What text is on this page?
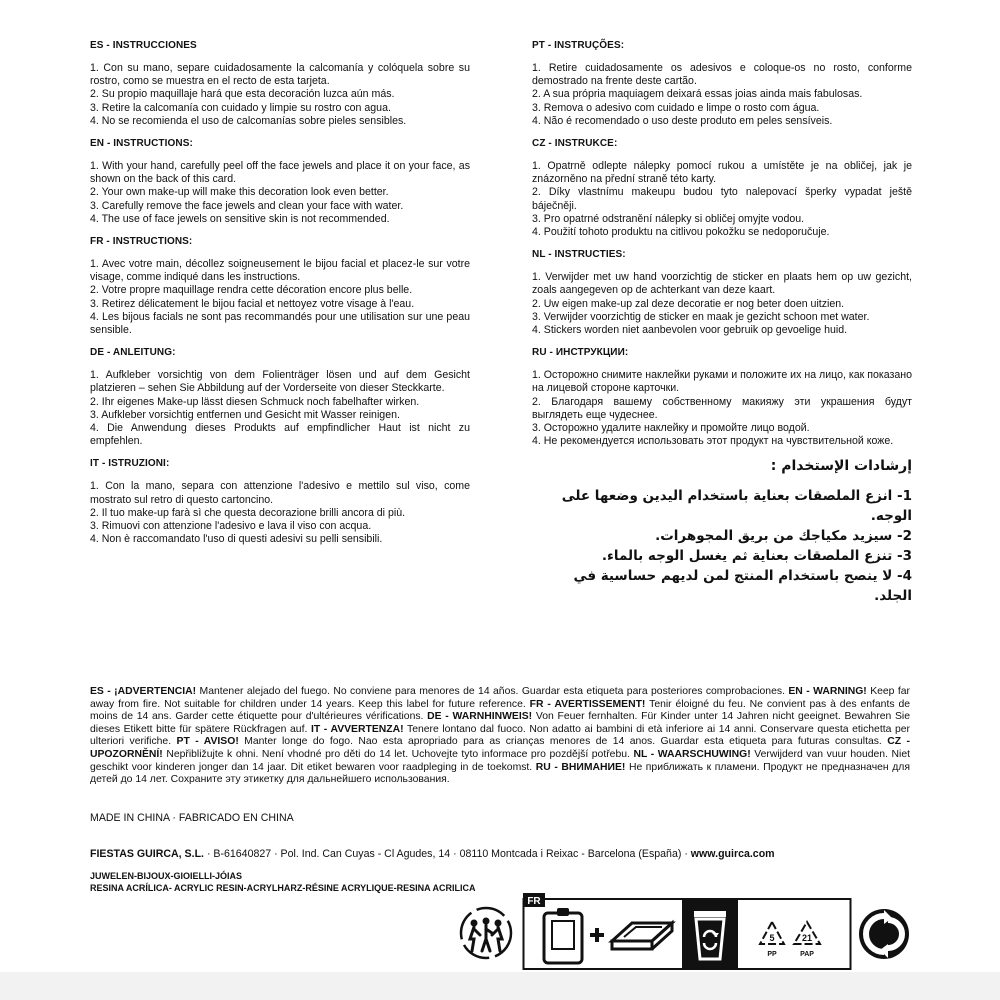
ES - INSTRUCCIONES

1. Con su mano, separe cuidadosamente la calcomanía y colóquela sobre su rostro, como se muestra en el recto de esta tarjeta.

2. Su propio maquillaje hará que esta decoración luzca aún más.

3. Retire la calcomanía con cuidado y limpie su rostro con agua.

4. No se recomienda el uso de calcomanías sobre pieles sensibles.

EN - INSTRUCTIONS:

1. With your hand, carefully peel off the face jewels and place it on your face, as shown on the back of this card.

2. Your own make-up will make this decoration look even better.

3. Carefully remove the face jewels and clean your face with water.

4. The use of face jewels on sensitive skin is not recommended.

FR - INSTRUCTIONS:

1. Avec votre main, décollez soigneusement le bijou facial et placez-le sur votre visage, comme indiqué dans les instructions.

2. Votre propre maquillage rendra cette décoration encore plus belle.

3. Retirez délicatement le bijou facial et nettoyez votre visage à l'eau.

4. Les bijous facials ne sont pas recommandés pour une utilisation sur une peau sensible.

DE - ANLEITUNG:

1. Aufkleber vorsichtig von dem Folienträger lösen und auf dem Gesicht platzieren – sehen Sie Abbildung auf der Vorderseite von dieser Steckkarte.

2. Ihr eigenes Make-up lässt diesen Schmuck noch fabelhafter wirken.

3. Aufkleber vorsichtig entfernen und Gesicht mit Wasser reinigen.

4. Die Anwendung dieses Produkts auf empfindlicher Haut ist nicht zu empfehlen.

IT - ISTRUZIONI:

1. Con la mano, separa con attenzione l'adesivo e mettilo sul viso, come mostrato sul retro di questo cartoncino.

2. Il tuo make-up farà sì che questa decorazione brilli ancora di più.

3. Rimuovi con attenzione l'adesivo e lava il viso con acqua.

4. Non è raccomandato l'uso di questi adesivi su pelli sensibili.

PT - INSTRUÇÕES:

1. Retire cuidadosamente os adesivos e coloque-os no rosto, conforme demostrado na frente deste cartão.

2. A sua própria maquiagem deixará essas joias ainda mais fabulosas.

3. Remova o adesivo com cuidado e limpe o rosto com água.

4. Não é recomendado o uso deste produto em peles sensíveis.

CZ - INSTRUKCE:

1. Opatrně odlepte nálepky pomocí rukou a umístěte je na obličej, jak je znázorněno na přední straně této karty.

2. Díky vlastnímu makeupu budou tyto nalepovací šperky vypadat ještě báječněji.

3. Pro opatrné odstranění nálepky si obličej omyjte vodou.

4. Použití tohoto produktu na citlivou pokožku se nedoporučuje.

NL - INSTRUCTIES:

1. Verwijder met uw hand voorzichtig de sticker en plaats hem op uw gezicht, zoals aangegeven op de achterkant van deze kaart.

2. Uw eigen make-up zal deze decoratie er nog beter doen uitzien.

3. Verwijder voorzichtig de sticker en maak je gezicht schoon met water.

4. Stickers worden niet aanbevolen voor gebruik op gevoelige huid.

RU - ИНСТРУКЦИИ:

1. Осторожно снимите наклейки руками и положите их на лицо, как показано на лицевой стороне карточки.

2. Благодаря вашему собственному макияжу эти украшения будут выглядеть еще чудеснее.

3. Осторожно удалите наклейку и промойте лицо водой.

4. Не рекомендуется использовать этот продукт на чувствительной коже.

إرشادات الإستخدام :

1- انزع الملصقات بعناية باستخدام اليدين وضعها على الوجه.

2- سيزيد مكياجك من بريق المجوهرات.

3- تنزع الملصقات بعناية ثم يغسل الوجه بالماء.

4- لا ينصح باستخدام المنتج لمن لديهم حساسية في الجلد.

ES - ¡ADVERTENCIA! Mantener alejado del fuego. No conviene para menores de 14 años. Guardar esta etiqueta para posteriores comprobaciones. EN - WARNING! Keep far away from fire. Not suitable for children under 14 years. Keep this label for future reference. FR - AVERTISSEMENT! Tenir éloigné du feu. Ne convient pas à des enfants de moins de 14 ans. Garder cette étiquette pour d'ultérieures vérifications. DE - WARNHINWEIS! Von Feuer fernhalten. Für Kinder unter 14 Jahren nicht geeignet. Bewahren Sie dieses Etikett bitte für spätere Rückfragen auf. IT - AVVERTENZA! Tenere lontano dal fuoco. Non adatto ai bambini di età inferiore ai 14 anni. Conservare questa etichetta per ulteriori verifiche. PT - AVISO! Manter longe do fogo. Nao esta apropriado para as crianças menores de 14 anos. Guardar esta etiqueta para futuras consultas. CZ - UPOZORNĚNÍ! Nepřibližujte k ohni. Není vhodné pro děti do 14 let. Uchovejte tyto informace pro pozdější potřebu. NL - WAARSCHUWING! Verwijderd van vuur houden. Niet geschikt voor kinderen jonger dan 14 jaar. Dit etiket bewaren voor raadpleging in de toekomst. RU - ВНИМАНИЕ! Не приближать к пламени. Продукт не предназначен для детей до 14 лет. Сохраните эту этикетку для дальнейшего использования.
MADE IN CHINA · FABRICADO EN CHINA
FIESTAS GUIRCA, S.L. · B-61640827 · Pol. Ind. Can Cuyas - Cl Agudes, 14 · 08110 Montcada i Reixac - Barcelona (España) · www.guirca.com
JUWELEN-BIJOUX-GIOIELLI-JÓIAS
RESINA ACRÍLICA- ACRYLIC RESIN-ACRYLHARZ-RÉSINE ACRYLIQUE-RESINA ACRILICA
FR
5
PP
21
PAP
